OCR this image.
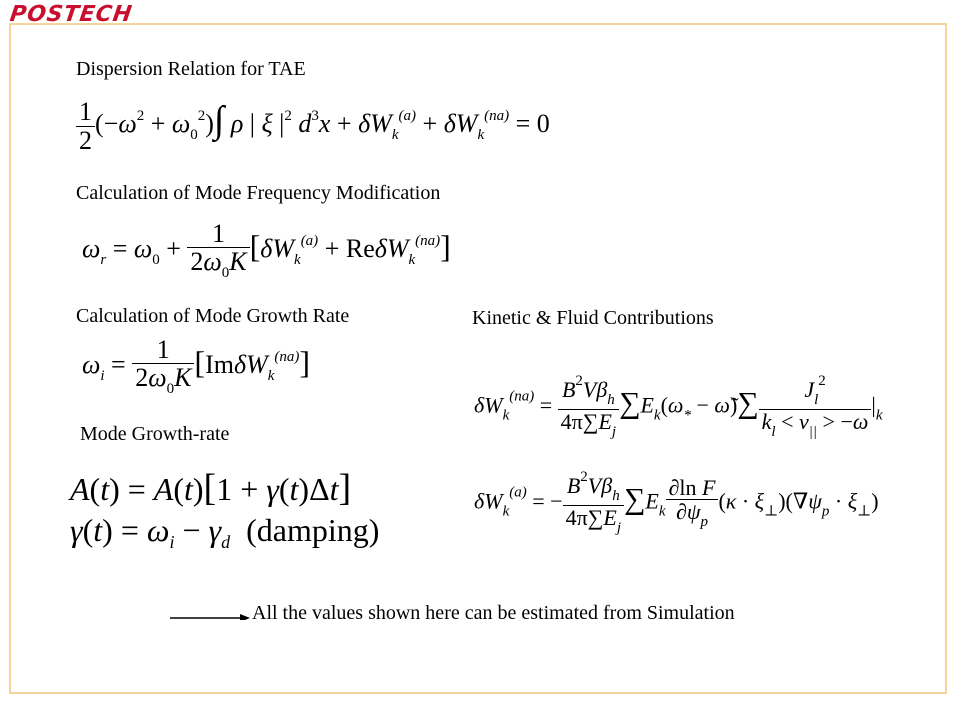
POSTECH
Dispersion Relation for TAE
$\frac{1}{2} (-\omega^2 + \omega_0^2)\int$ ρ | ξ $|^2$ $d^3x + \delta W_k^{(a)} + \delta W_k^{(na)} = 0$
Calculation of Mode Frequency Modification
$\omega_r = \omega_0 + \frac{1}{2\omega_0K} [\delta W_k^{(a)} + Re\delta W_k^{(na)}]$
Calculation of Mode Growth Rate
$\omega_i = \frac{1}{2\omega_0K} [Im\delta W_k^{(na)}]$
Mode Growth-rate
A(t) = A(t)[1 + γ(t)Δt]
$\gamma(t) = \omega_i - \gamma_d$  (damping)
Kinetic & Fluid Contributions
$\delta W_k^{(na)} = \frac{B^2V\beta_h}{4\pi\sum E_j} \sum E_k(\omega_*$ − ω̃)∑ $\frac{J_l^2}{k_l < v_{||} > -\omega} |_k$
$\delta W_k^{(a)}$ = − $\frac{B^2V\beta_h}{4\pi\sum E_j} \sum E_k \frac{\text{∂ln F}}{\partial\psi_p} (\kappa \cdot \xi_\perp)(\nabla\psi_p \cdot \xi_\perp)$
All the values shown here can be estimated from Simulation
